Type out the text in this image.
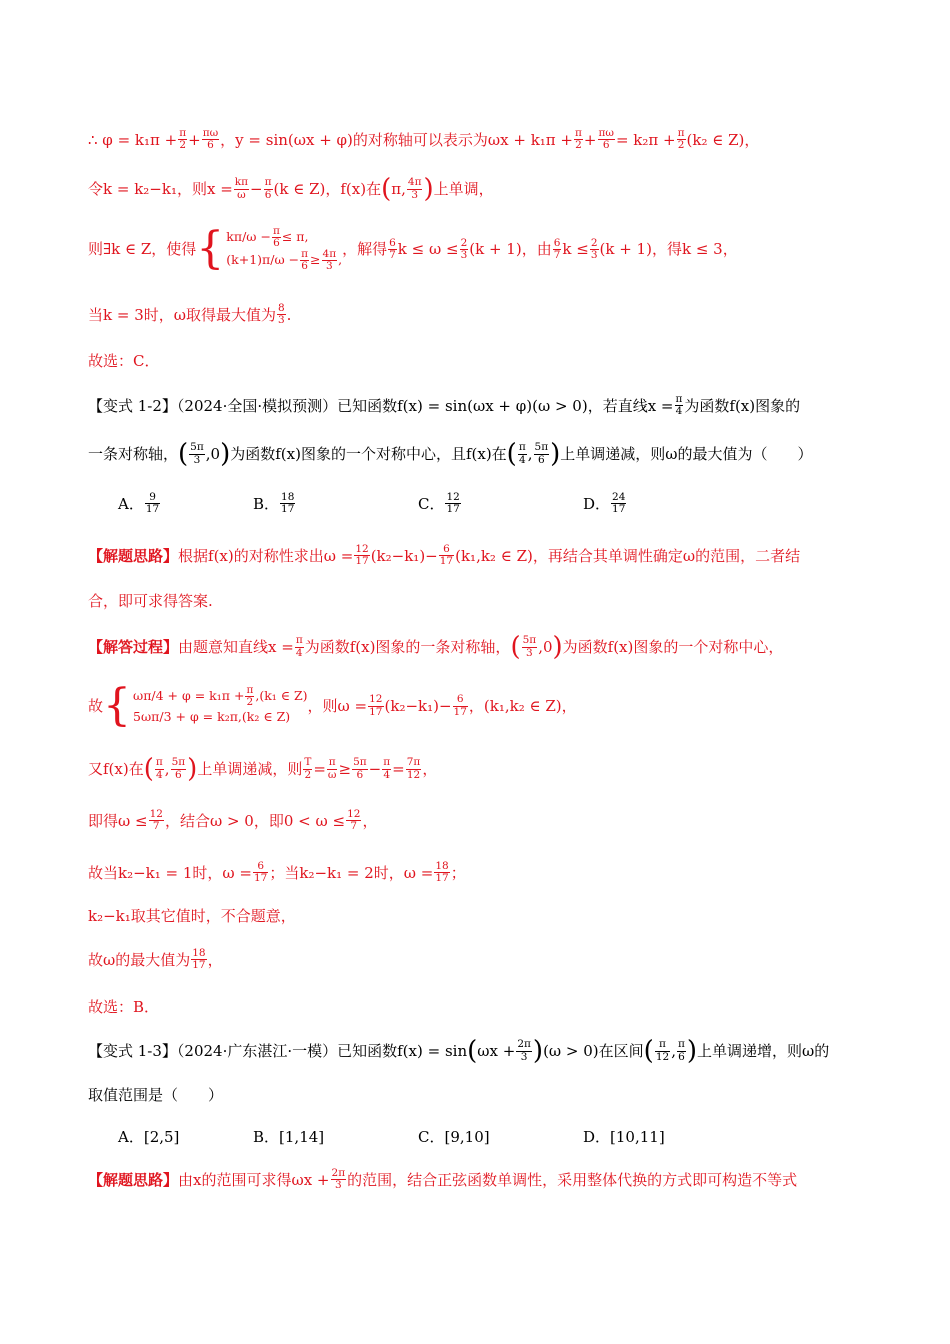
∴ $\varphi = k_1\pi + \frac{\pi}{2} + \frac{\pi\omega}{6}$ ，y = sin(ωx + φ)的对称轴可以表示为$\omega x + k_1\pi + \frac{\pi}{2} + \frac{\pi\omega}{6} = k_2\pi + \frac{\pi}{2} (k_2$ ∈ Z)，
令k = k₂−k₁，则$x = \frac{k\pi}{\omega} - \frac{\pi}{6} (k$ ∈ Z)，f(x)在 ( π, 4π
3 ) 上单调，
则∃k ∈ Z，使得 { $k\pi/\omega - \frac{\pi}{6} \le \pi$,
$(k+1)\pi/\omega - \frac{\pi}{6} \ge \frac{4\pi}{3}$ ,
，解得 6
7 $k \le \omega \le \frac{2}{3} (k + 1)$，由 6
7 $k \le \frac{2}{3} (k + 1)$，得k ≤ 3，
当k = 3时，ω取得最大值为 8
3 .
故选：C．
【变式 1-2】（2024·全国·模拟预测）已知函数f(x) = sin(ωx + φ)(ω > 0)，若直线$x = \frac{\pi}{4}$ 为函数f(x)图象的
一条对称轴， ( 5π
3 ,0 ) 为函数f(x)图象的一个对称中心，且f(x)在 ( π
4 , 5π
6 ) 上单调递减，则ω的最大值为（　　）
A． 9
17	B． 18
17	C． 12
17	D． 24
17
【解题思路】 根据f(x)的对称性求出$\omega = \frac{12}{17} (k_2-k_1)- \frac{6}{17} (k_1,k_2$ ∈ Z)，再结合其单调性确定ω的范围，二者结
合，即可求得答案.
【解答过程】 由题意知直线$x = \frac{\pi}{4}$ 为函数f(x)图象的一条对称轴， ( 5π
3 ,0 ) 为函数f(x)图象的一个对称中心，
故 { $\omega\pi/4 + \varphi = k_1\pi + \frac{\pi}{2} ,(k_1$ ∈ Z)
5ωπ/3 + φ = k₂π,(k₂ ∈ Z)
，则$\omega = \frac{12}{17} (k_2-k_1)- \frac{6}{17}$ ，(k₁,k₂ ∈ Z)，
又f(x)在 ( π
4 , 5π
6 ) 上单调递减，则 $\frac{T}{2} = \frac{\pi}{\omega} \ge \frac{5\pi}{6} - \frac{\pi}{4} = \frac{7\pi}{12}$ ，
即得$\omega \le \frac{12}{7}$ ，结合ω > 0，即$0 < \omega \le \frac{12}{7}$ ，
故当k₂−k₁ = 1时，$\omega = \frac{6}{17}$ ；当k₂−k₁ = 2时，$\omega = \frac{18}{17}$ ；
k₂−k₁取其它值时，不合题意，
故ω的最大值为 18
17 ，
故选：B．
【变式 1-3】（2024·广东湛江·一模）已知函数f(x) = sin ( $\omega x + \frac{2\pi}{3}$ ) (ω > 0)在区间 ( π
12 , π
6 ) 上单调递增，则ω的
取值范围是（　　）
A． [2,5]	B． [1,14]	C． [9,10]	D． [10,11]
【解题思路】 由x的范围可求得$\omega x + \frac{2\pi}{3}$ 的范围，结合正弦函数单调性，采用整体代换的方式即可构造不等式
